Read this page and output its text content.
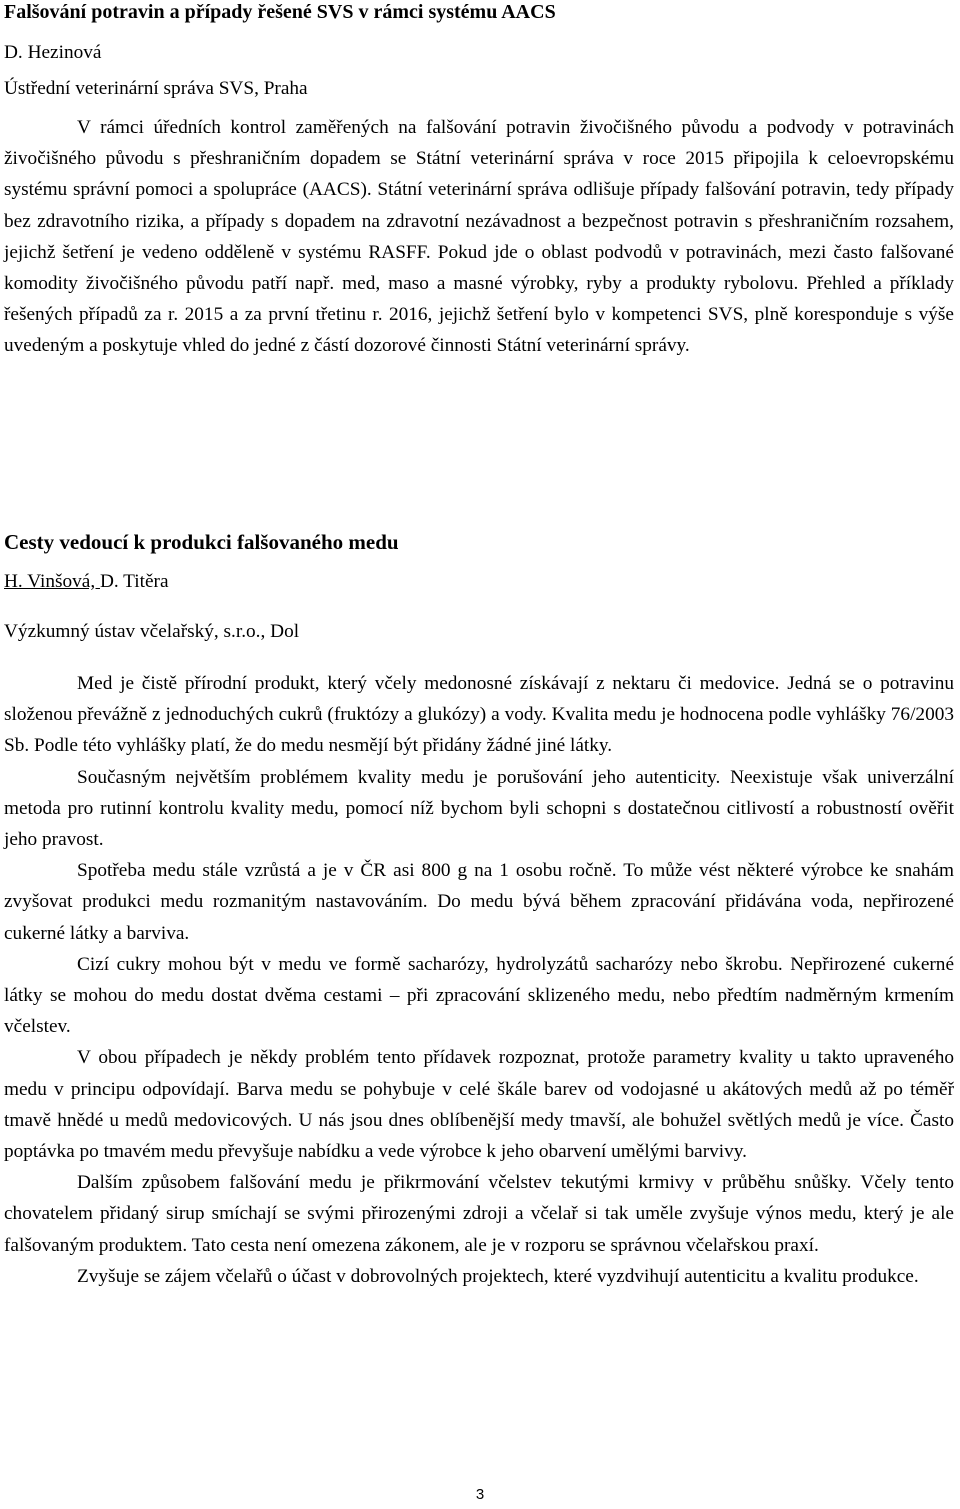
Falšování potravin a případy řešené SVS v rámci systému AACS

D. Hezinová

Ústřední veterinární správa SVS, Praha

V rámci úředních kontrol zaměřených na falšování potravin živočišného původu a podvody v potravinách živočišného původu s přeshraničním dopadem se Státní veterinární správa v roce 2015 připojila k celoevropskému systému správní pomoci a spolupráce (AACS). Státní veterinární správa odlišuje případy falšování potravin, tedy případy bez zdravotního rizika, a případy s dopadem na zdravotní nezávadnost a bezpečnost potravin s přeshraničním rozsahem, jejichž šetření je vedeno odděleně v systému RASFF. Pokud jde o oblast podvodů v potravinách, mezi často falšované komodity živočišného původu patří např. med, maso a masné výrobky, ryby a produkty rybolovu. Přehled a příklady řešených případů za r. 2015 a za první třetinu r. 2016, jejichž šetření bylo v kompetenci SVS, plně koresponduje s výše uvedeným a poskytuje vhled do jedné z částí dozorové činnosti Státní veterinární správy.

Cesty vedoucí k produkci falšovaného medu

H. Vinšová, D. Titěra

Výzkumný ústav včelařský, s.r.o., Dol

Med je čistě přírodní produkt, který včely medonosné získávají z nektaru či medovice. Jedná se o potravinu složenou převážně z jednoduchých cukrů (fruktózy a glukózy) a vody. Kvalita medu je hodnocena podle vyhlášky 76/2003 Sb. Podle této vyhlášky platí, že do medu nesmějí být přidány žádné jiné látky.

Současným největším problémem kvality medu je porušování jeho autenticity. Neexistuje však univerzální metoda pro rutinní kontrolu kvality medu, pomocí níž bychom byli schopni s dostatečnou citlivostí a robustností ověřit jeho pravost.

Spotřeba medu stále vzrůstá a je v ČR asi 800 g na 1 osobu ročně. To může vést některé výrobce ke snahám zvyšovat produkci medu rozmanitým nastavováním. Do medu bývá během zpracování přidávána voda, nepřirozené cukerné látky a barviva.

Cizí cukry mohou být v medu ve formě sacharózy, hydrolyzátů sacharózy nebo škrobu. Nepřirozené cukerné látky se mohou do medu dostat dvěma cestami – při zpracování sklizeného medu, nebo předtím nadměrným krmením včelstev.

V obou případech je někdy problém tento přídavek rozpoznat, protože parametry kvality u takto upraveného medu v principu odpovídají. Barva medu se pohybuje v celé škále barev od vodojasné u akátových medů až po téměř tmavě hnědé u medů medovicových. U nás jsou dnes oblíbenější medy tmavší, ale bohužel světlých medů je více. Často poptávka po tmavém medu převyšuje nabídku a vede výrobce k jeho obarvení umělými barvivy.

Dalším způsobem falšování medu je přikrmování včelstev tekutými krmivy v průběhu snůšky. Včely tento chovatelem přidaný sirup smíchají se svými přirozenými zdroji a včelař si tak uměle zvyšuje výnos medu, který je ale falšovaným produktem. Tato cesta není omezena zákonem, ale je v rozporu se správnou včelařskou praxí.

Zvyšuje se zájem včelařů o účast v dobrovolných projektech, které vyzdvihují autenticitu a kvalitu produkce.

3
